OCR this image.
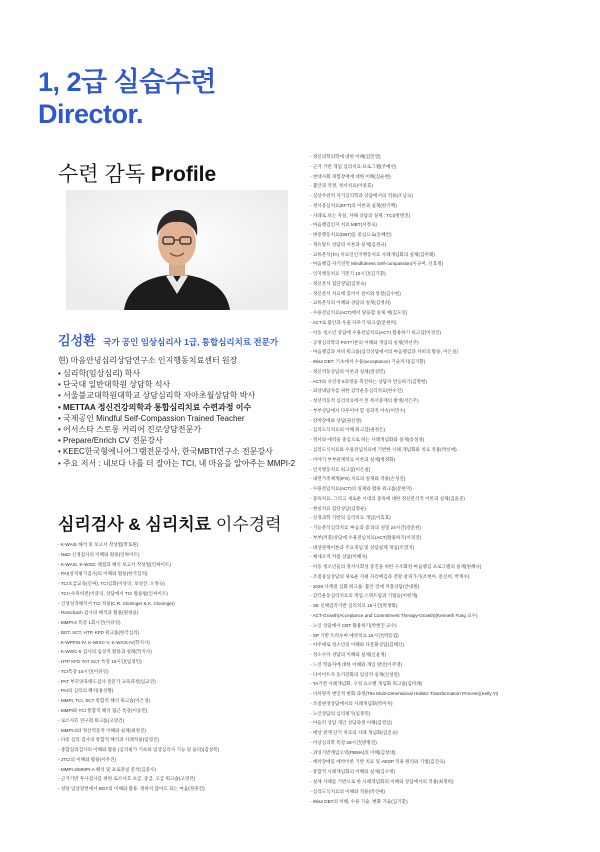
1, 2급 실습수련
Director.
수련 감독 Profile
김성환 국가 공인 임상심리사 1급, 통합심리치료 전문가
현) 마음안녕심리상담연구소 인지행동치료센터 원장
• 심리학(임상심리) 학사
• 단국대 일반대학원 상담학 석사
• 서울불교대학원대학교 상담심리학 자아초월상담학 박사
• METTAA 정신건강의학과 통합심리치료 수련과정 이수
• 국제공인 Mindful Self-Compassion Trained Teacher
• 어서스타 스토롱 커리어 진로상담전문가
• Prepare/Enrich CV 전문강사
• KEEC한국형에니어그램전문강사, 한국MBTI연구소 전문강사
• 주요 저서 : 내보다 나를 더 잘아는 TCI, 내 마음을 알아주는 MMPI-2
심리검사 & 심리치료 이수경력
- K-WAIS 해석 및 보고서 작성법(학토원)
- N&D 신경검사의 이해와 활용(인싸이트)
- K-WAIS, K-WISC 채점과 해석 보고서 작성법(인싸이트)
- PAI(성격평가검사)의 이해와 활용(한국심리)
- TCI초급교육(인싸), TCI심화(이큐잉, 보성진, 오정숙)
- TCI+수퍼비전(이큐잉, 상담에서 TCI 활용법(인싸이트)
- 인성성격해석서 TCI 적용(C.R. Cloninger & K. Cloninger)
- Rorschach 검사의 해석과 활용(원창윤)
- MMPI-2 특강 1회시간(이큐잉)
- BGT, SCT, HTP, KFD 워크숍(한국심리)
- K-WPPSI-IV, K-WISC-V, K-WAIS-IV(학지사)
- K-WISC-5 검사의 임상적 활용과 실례(학지사)
- HTP KFD TAT SCT 특강 16시간(임경민)
- TCI특강 16시간(이큐잉)
- PAT 부모양육태도검사 전문가 교육과정(임교연)
- PAI의 심리의 해석(홍상황)
- MMPI, TCI, SCT 통합적 해석 워크숍(이은경)
- MMPI와 TCI 통합적 해석 접근 특강(이승민)
- 로르샤흐 연구회 워크숍(고영건)
- MMPI-2와 정신역동적 이해와 실제(최정진)
- 다중 심리 검사의 통합적 해석과 사례적용(임영진)
- 종합심리검사의 이해와 활용 (심리평가 기초와 임상심리사 기능 및 윤리)(김상복)
- JTCI의 이해와 활용(이주진)
- MMPI-2/MMPI-A 해석 및 프로파일 분석(김중수)
- 근거기반 투사검사를 위한 로르샤흐 초급, 중급, 고급 워크숍(고영건)
- 성당 임상장면에서 BGT의 이해와 활용: 정하지 않아도 되는 마음(정중진)
- 정신의학의학에 대한 이해(임민영)
- 근거 기반 개념 심리치료 프로그램(주예선)
- 현대사회 경험장애에 대한 이해(심순현)
- 불안과 걱정, 정서치료(이종효)
- 심상주관적 자기심리학과 상담에서의 적용(조남숙)
- 정서중심치료(EFT)의 이론과 실제(한기백)
- 사례로 보는 자살, 자해 상담의 실제 : TCI(방병진)
- 마음챙김인지 치료 MBT(서정숙)
- 변증행동치료(DBT)를 중심으로(송혜련)
- 게슈탈트 상담의 이론과 실제(김정규)
- 교류분석(TA) 치료인인지행동치료 사례개념화의 실제(김미례)
- 마음챙김-자기연민 Mindfulness Self-compassion(이규미, 신효정)
- 인지행동치료 기본기 16시간(김기환)
- 정신분석 집단상담(김정숙)
- 정신분석 치료에 있어서 전이와 통찰(김수현)
- 교류분석의 이해와 상담의 실제(김정희)
- 수용전념치료(ACT)에서 탈융합 실제 예(김도연)
- ACT로 불안과 우울 다루기 워크샵(문현미)
- 아동 청소년 상담에 수용전념치료(ACT) 활용하기 워크샵(이경진)
- 공정심리학의 PST이론의 이해와 개입의 실제(박선주)
- 마음챙김과 자비 워크숍(심리상담에서의 마음챙김과 자비의 활용, 이은실)
- Wise DBT: 기초에서 수용(acceptance) 기술까지(김기환)
- 정신역동상담의 이론과 실제(전성민)
- ACT와 유연성 6과정을 촉진하는 상담자 반응하기(김명현)
- 외상내담자를 위한 감각운동심리치료(한수진)
- 청년역동적 심리치료에서 본 정서중재의 발생(서은주)
- 부부상담에서 다루어야 할 성과적 이슈(이민수)
- 강박장애와 상담(권신영)
- 심리도식치료의 이해 워크샵(권정은)
- 정서와 애착을 중심으로 하는 사례개념화와 실제(송성경)
- 심리도식치료와 수용전념치료에 기반한 사례 개념화와 치료 적용(박선애)
- 이야기 부부관계치료 이론과 실제(정정화)
- 인지행동치료 워크샵(이은실)
- 내면가족체계(IFS) 치료의 실제와 적용(손성진)
- 수용전념치료(ACT)의 실제와 활용 워크숍(문현미)
- 중독치료, 그리고 새로운 시대의 중독에 대한 정신분석적 이론과 실제(김윤준)
- 현실치료 집단상담(김명순)
- 신경과학 기반의 심리치료 개입(이효효)
- 기능분석심리치료 '마음과 몸'과의 친밀 24시간(강문헌)
- 부부(커플)상담에 수용전념치료(ACT)활용하기(이경진)
- 대상관계이론과 주요개념 및 상담실제 개입(조영지)
- 체세포적 커플 상담(이혜자)
- 아동 청소년들의 정서사회성 증진을 위한 구조화된 마음챙김 프로그램의 실제(원혜나)
- 조절중심상담의 새로운 지평 자리매김과 전망 살펴가기(조현아, 문신희, 박재수)
- 2025 사계절 심화 워크숍: 불안 장애 커플상담(안대원)
- 감각운동심리치료의 개입 스펙트럼과 기법들(이현재)
- SE 신체감각기반 심리치료 16시간(박정화)
- ACT-Growth(Acceptance and Commitment Therapy-Growth)(Kenneth Fung 교수)
- 노인 상담에서 CBT 활용하기(박현진 교수)
- SP 기반 트라우마 애착치료 16시간(박동엽)
- 아주애로 청소년의 이해와 다문화상담(김태신)
- 성소수자 상담의 이해와 실제(신윤정)
- 느린 학습자에 대한 이해와 개입 방안(이주영)
- 다이어트자 동기강화의 임상적 실제(신성만)
- TA기반 사례개념화, 구성 요소별 개념화 워크숍(김미례)
- 다차원적 변인적 변화 과정(The Multi-Dimensional Holistic Transformation Process)(Kelly Yi)
- 조절변경상담에서의 사례개념화(박미자)
- 노인상담의 심리평가(임종민)
- 아들러 상담 개인 상담과정 이해(김영심)
- 애상 관계 단기 치료의 사례 개념화(김진숙)
- 이상심리학 특강 28시간(방병진)
- 과잉기반계임오영(PBMA)의 이해(김창대)
- 애착장애를 애착이론 기반 치료 및 AEDP 적용 원리와 기법(김진숙)
- 통합적 사례개념화의 이해와 실제(김수정)
- 실제 사례를 기반으로 한 사례개념화의 이해와 상담에서의 적용(최정희)
- 심리도식치료의 이해와 적용(박선애)
- Wise DBT의 이해, 수용 기술, 변화 기술(김기환)
